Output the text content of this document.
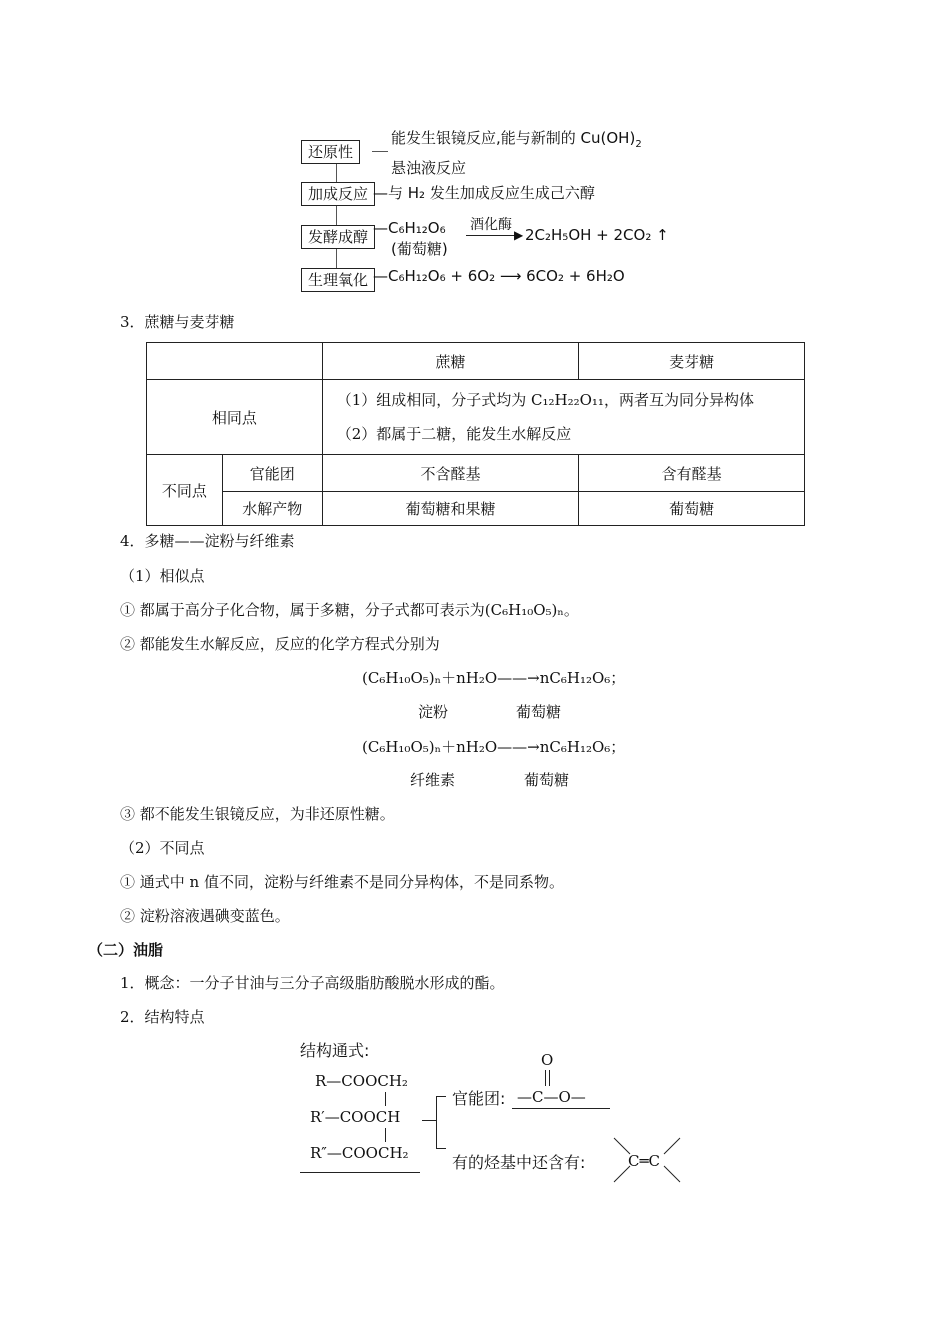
还原性
能发生银镜反应,能与新制的 $Cu(OH)_2$
悬浊液反应
加成反应 —与 H₂ 发生加成反应生成己六醇
发酵成醇 —C₆H₁₂O₆
(葡萄糖)
酒化酶
▶ 2C₂H₅OH + 2CO₂ ↑
生理氧化 —C₆H₁₂O₆ + 6O₂ ⟶ 6CO₂ + 6H₂O
3．蔗糖与麦芽糖
		蔗糖	麦芽糖
相同点		（1）组成相同，分子式均为 C₁₂H₂₂O₁₁，两者互为同分异构体
（2）都属于二糖，能发生水解反应	

不同点	官能团	不含醛基	含有醛基
	水解产物	葡萄糖和果糖	葡萄糖
4．多糖——淀粉与纤维素
（1）相似点
① 都属于高分子化合物，属于多糖，分子式都可表示为(C₆H₁₀O₅)ₙ。
② 都能发生水解反应，反应的化学方程式分别为
(C₆H₁₀O₅)ₙ＋nH₂O——→nC₆H₁₂O₆；
淀粉	葡萄糖
(C₆H₁₀O₅)ₙ＋nH₂O——→nC₆H₁₂O₆；
纤维素	葡萄糖
③ 都不能发生银镜反应，为非还原性糖。
（2）不同点
① 通式中 n 值不同，淀粉与纤维素不是同分异构体，不是同系物。
② 淀粉溶液遇碘变蓝色。
（二）油脂
1．概念：一分子甘油与三分子高级脂肪酸脱水形成的酯。
2．结构特点
结构通式:
R—COOCH₂
R′—COOCH
R″—COOCH₂
官能团:
O
—C—O—
有的烃基中还含有:	C═C
